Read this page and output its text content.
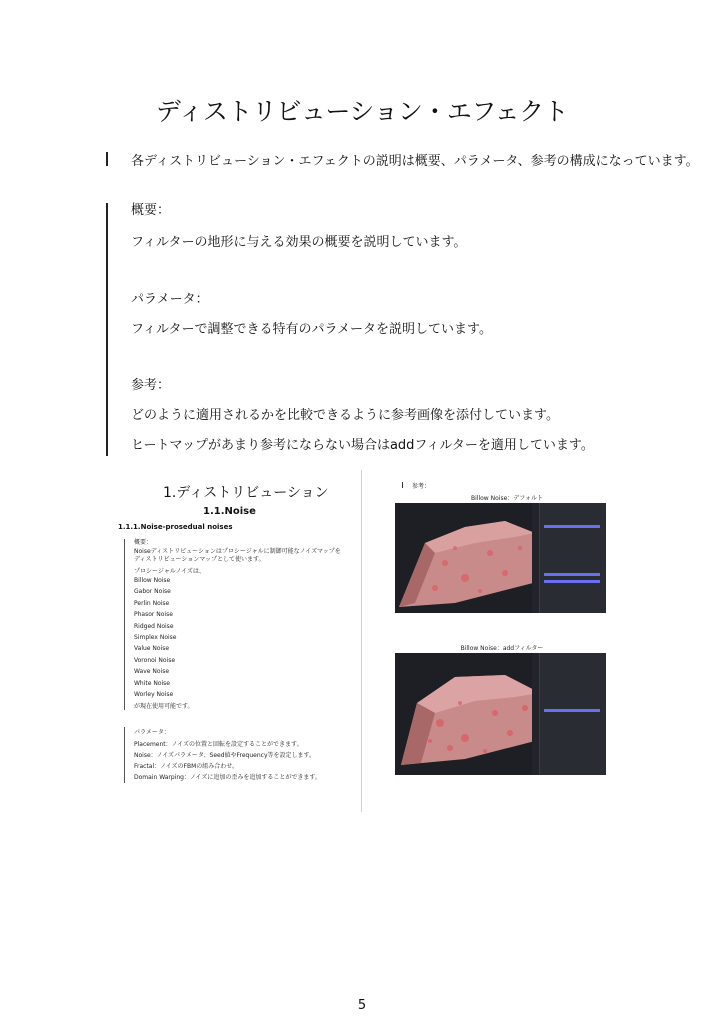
ディストリビューション・エフェクト
各ディストリビューション・エフェクトの説明は概要、パラメータ、参考の構成になっています。
概要：
フィルターの地形に与える効果の概要を説明しています。
パラメータ：
フィルターで調整できる特有のパラメータを説明しています。
参考：
どのように適用されるかを比較できるように参考画像を添付しています。
ヒートマップがあまり参考にならない場合はaddフィルターを適用しています。
1.ディストリビューション
1.1.Noise
1.1.1.Noise-prosedual noises
概要：
Noiseディストリビューションはプロシージャルに制御可能なノイズマップをディストリビューションマップとして使います。
プロシージャルノイズは、
Billow Noise
Gabor Noise
Perlin Noise
Phasor Noise
Ridged Noise
Simplex Noise
Value Noise
Voronoi Noise
Wave Noise
White Noise
Worley Noise
が現在使用可能です。
パラメータ：
Placement：ノイズの位置と回転を設定することができます。
Noise：ノイズパラメータ、Seed値やFrequency等を設定します。
Fractal：ノイズのFBMの組み合わせ。
Domain Warping：ノイズに追加の歪みを追加することができます。
参考：
Billow Noise：デフォルト
Billow Noise：addフィルター
5
